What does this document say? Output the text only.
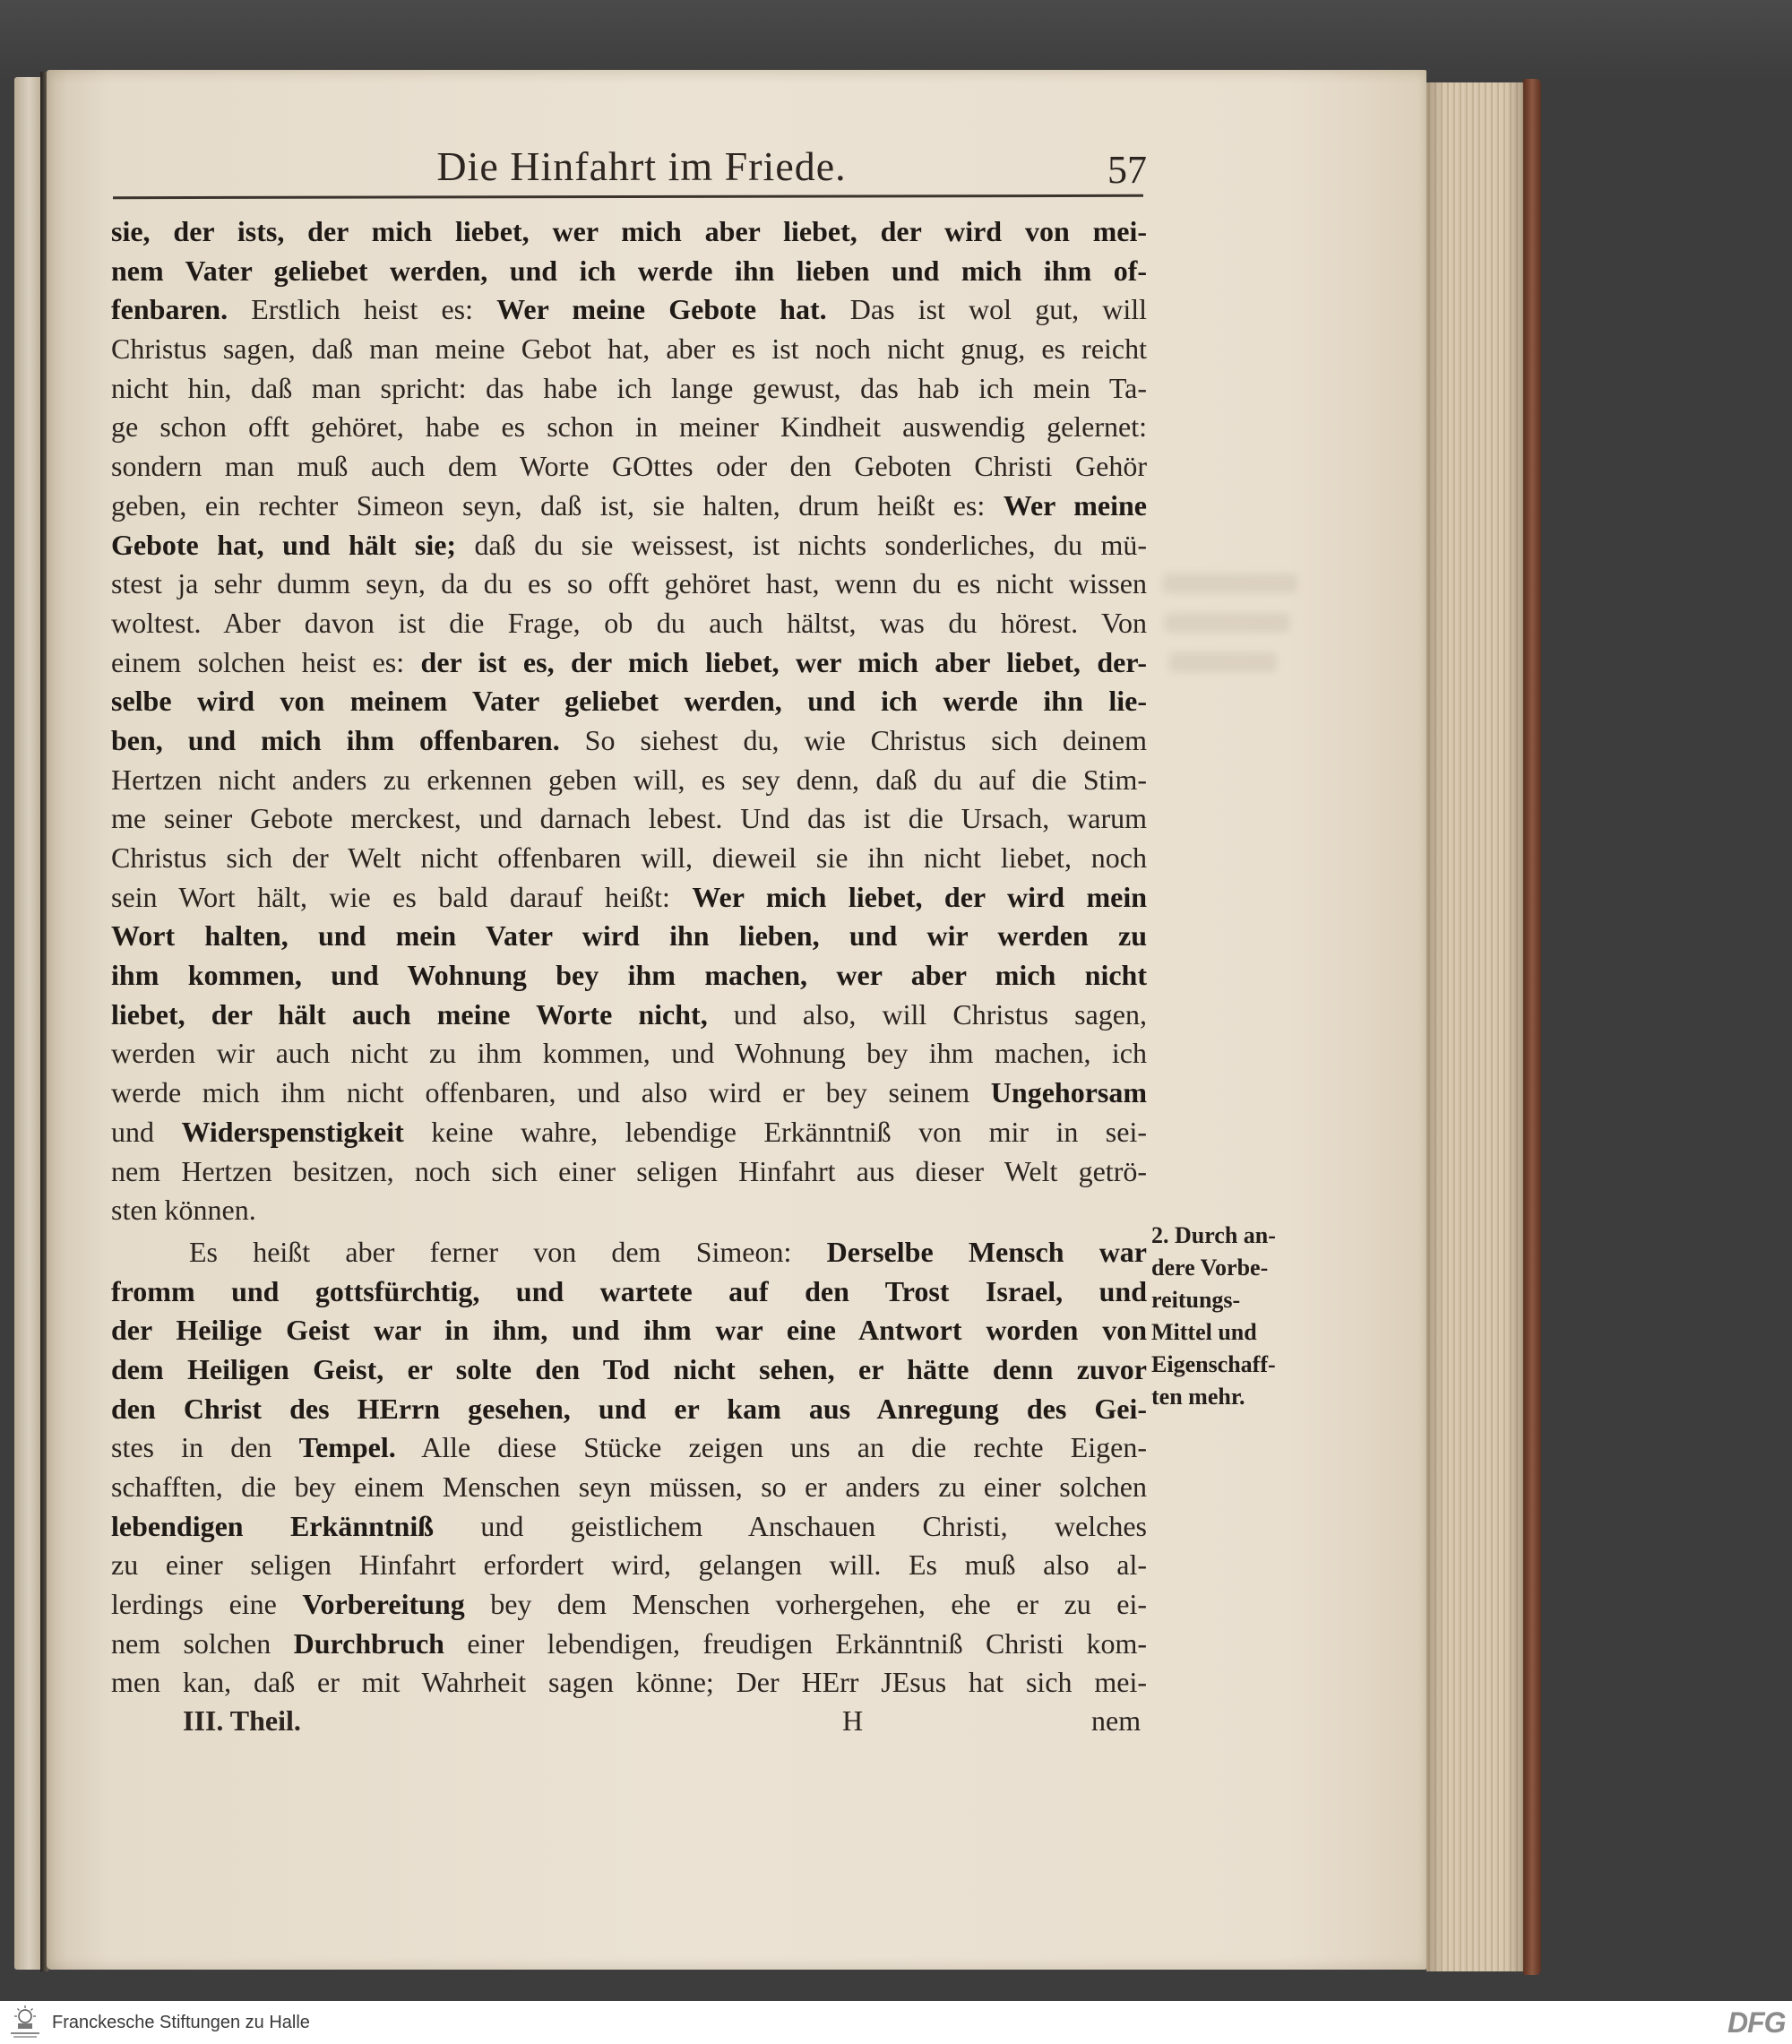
Die Hinfahrt im Friede.	57
sie, der ists, der mich liebet, wer mich aber liebet, der wird von mei-
nem Vater geliebet werden, und ich werde ihn lieben und mich ihm of-
fenbaren. Erstlich heist es: Wer meine Gebote hat. Das ist wol gut, will
Christus sagen, daß man meine Gebot hat, aber es ist noch nicht gnug, es reicht
nicht hin, daß man spricht: das habe ich lange gewust, das hab ich mein Ta-
ge schon offt gehöret, habe es schon in meiner Kindheit auswendig gelernet:
sondern man muß auch dem Worte GOttes oder den Geboten Christi Gehör
geben, ein rechter Simeon seyn, daß ist, sie halten, drum heißt es: Wer meine
Gebote hat, und hält sie; daß du sie weissest, ist nichts sonderliches, du mü-
stest ja sehr dumm seyn, da du es so offt gehöret hast, wenn du es nicht wissen
woltest. Aber davon ist die Frage, ob du auch hältst, was du hörest. Von
einem solchen heist es: der ist es, der mich liebet, wer mich aber liebet, der-
selbe wird von meinem Vater geliebet werden, und ich werde ihn lie-
ben, und mich ihm offenbaren. So siehest du, wie Christus sich deinem
Hertzen nicht anders zu erkennen geben will, es sey denn, daß du auf die Stim-
me seiner Gebote merckest, und darnach lebest. Und das ist die Ursach, warum
Christus sich der Welt nicht offenbaren will, dieweil sie ihn nicht liebet, noch
sein Wort hält, wie es bald darauf heißt: Wer mich liebet, der wird mein
Wort halten, und mein Vater wird ihn lieben, und wir werden zu
ihm kommen, und Wohnung bey ihm machen, wer aber mich nicht
liebet, der hält auch meine Worte nicht, und also, will Christus sagen,
werden wir auch nicht zu ihm kommen, und Wohnung bey ihm machen, ich
werde mich ihm nicht offenbaren, und also wird er bey seinem Ungehorsam
und Widerspenstigkeit keine wahre, lebendige Erkänntniß von mir in sei-
nem Hertzen besitzen, noch sich einer seligen Hinfahrt aus dieser Welt getrö-
sten können.
Es heißt aber ferner von dem Simeon: Derselbe Mensch war
fromm und gottsfürchtig, und wartete auf den Trost Israel, und
der Heilige Geist war in ihm, und ihm war eine Antwort worden von
dem Heiligen Geist, er solte den Tod nicht sehen, er hätte denn zuvor
den Christ des HErrn gesehen, und er kam aus Anregung des Gei-
stes in den Tempel. Alle diese Stücke zeigen uns an die rechte Eigen-
schafften, die bey einem Menschen seyn müssen, so er anders zu einer solchen
lebendigen Erkänntniß und geistlichem Anschauen Christi, welches
zu einer seligen Hinfahrt erfordert wird, gelangen will. Es muß also al-
lerdings eine Vorbereitung bey dem Menschen vorhergehen, ehe er zu ei-
nem solchen Durchbruch einer lebendigen, freudigen Erkänntniß Christi kom-
men kan, daß er mit Wahrheit sagen könne; Der HErr JEsus hat sich mei-
2. Durch an-
dere Vorbe-
reitungs-
Mittel und
Eigenschaff-
ten mehr.
III. Theil.	H	nem
Franckesche Stiftungen zu Halle	DFG
